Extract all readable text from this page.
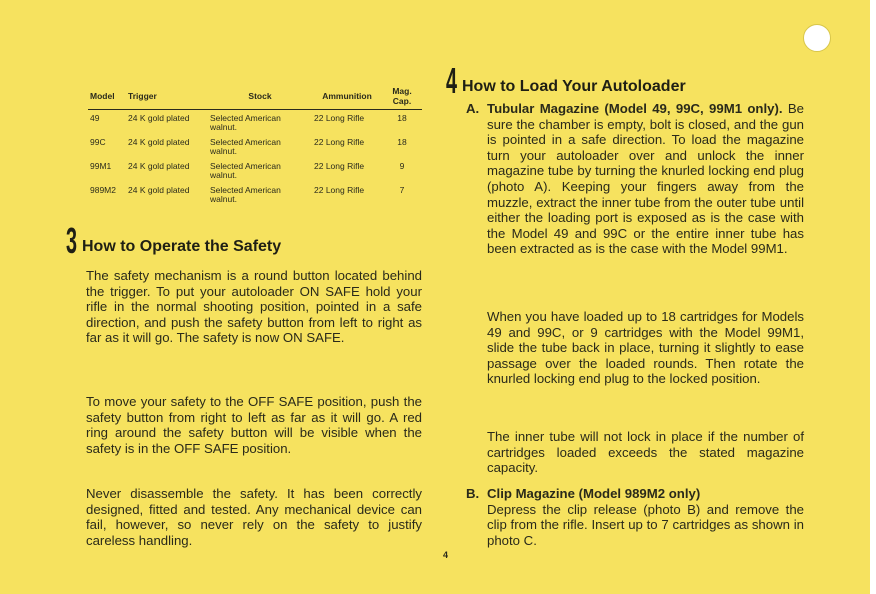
Model	Trigger	Stock	Ammunition	Mag. Cap.
49	24 K gold plated	Selected American walnut.	22 Long Rifle	18
99C	24 K gold plated	Selected American walnut.	22 Long Rifle	18
99M1	24 K gold plated	Selected American walnut.	22 Long Rifle	9
989M2	24 K gold plated	Selected American walnut.	22 Long Rifle	7
3 How to Operate the Safety

The safety mechanism is a round button located behind the trigger. To put your autoloader ON SAFE hold your rifle in the normal shooting position, pointed in a safe direction, and push the safety button from left to right as far as it will go. The safety is now ON SAFE.

To move your safety to the OFF SAFE position, push the safety button from right to left as far as it will go. A red ring around the safety button will be visible when the safety is in the OFF SAFE position.

Never disassemble the safety. It has been correctly designed, fitted and tested. Any mechanical device can fail, however, so never rely on the safety to justify careless handling.

4 How to Load Your Autoloader
A. Tubular Magazine (Model 49, 99C, 99M1 only). Be sure the chamber is empty, bolt is closed, and the gun is pointed in a safe direction. To load the magazine turn your autoloader over and unlock the inner magazine tube by turning the knurled locking end plug (photo A). Keeping your fingers away from the muzzle, extract the inner tube from the outer tube until either the loading port is exposed as is the case with the Model 49 and 99C or the entire inner tube has been extracted as is the case with the Model 99M1.

When you have loaded up to 18 cartridges for Models 49 and 99C, or 9 cartridges with the Model 99M1, slide the tube back in place, turning it slightly to ease passage over the loaded rounds. Then rotate the knurled locking end plug to the locked position.

The inner tube will not lock in place if the number of cartridges loaded exceeds the stated magazine capacity.

B. Clip Magazine (Model 989M2 only)
Depress the clip release (photo B) and remove the clip from the rifle. Insert up to 7 cartridges as shown in photo C.

4
